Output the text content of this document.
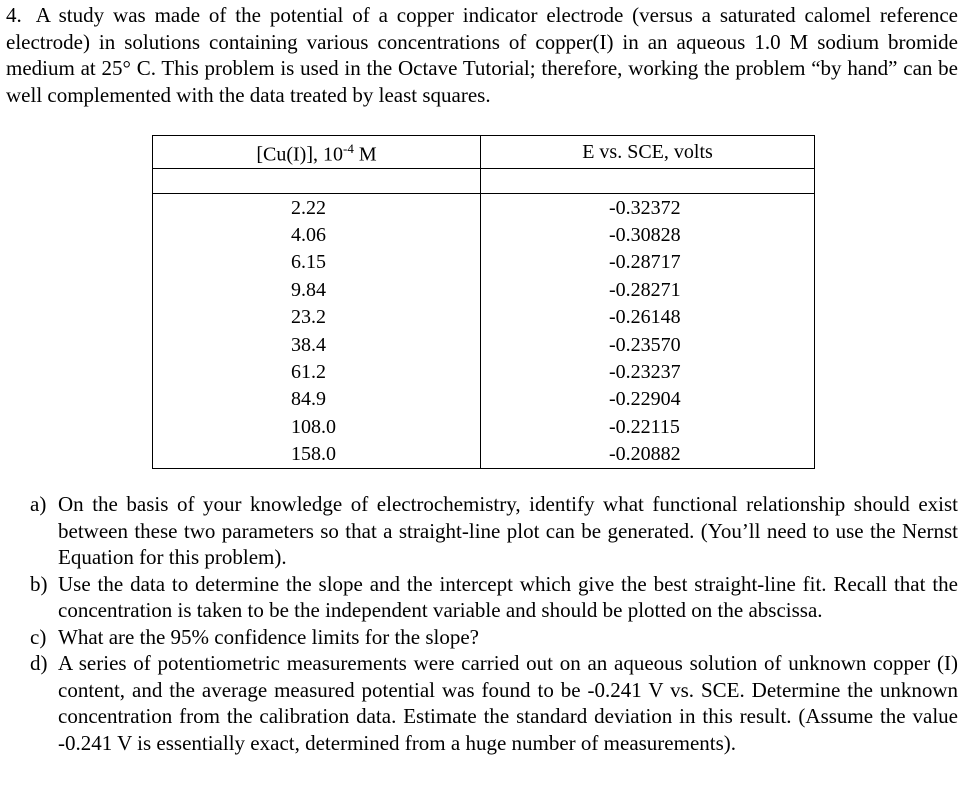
4. A study was made of the potential of a copper indicator electrode (versus a saturated calomel reference electrode) in solutions containing various concentrations of copper(I) in an aqueous 1.0 M sodium bromide medium at 25° C. This problem is used in the Octave Tutorial; therefore, working the problem “by hand” can be well complemented with the data treated by least squares.

[Cu(I)], $10^{-4}$ M	E vs. SCE, volts

2.22	-0.32372
4.06	-0.30828
6.15	-0.28717
9.84	-0.28271
23.2	-0.26148
38.4	-0.23570
61.2	-0.23237
84.9	-0.22904
108.0	-0.22115
158.0	-0.20882
a) On the basis of your knowledge of electrochemistry, identify what functional relationship should exist between these two parameters so that a straight-line plot can be generated. (You’ll need to use the Nernst Equation for this problem).
b) Use the data to determine the slope and the intercept which give the best straight-line fit. Recall that the concentration is taken to be the independent variable and should be plotted on the abscissa.
c) What are the 95% confidence limits for the slope?
d) A series of potentiometric measurements were carried out on an aqueous solution of unknown copper (I) content, and the average measured potential was found to be -0.241 V vs. SCE. Determine the unknown concentration from the calibration data. Estimate the standard deviation in this result. (Assume the value -0.241 V is essentially exact, determined from a huge number of measurements).
